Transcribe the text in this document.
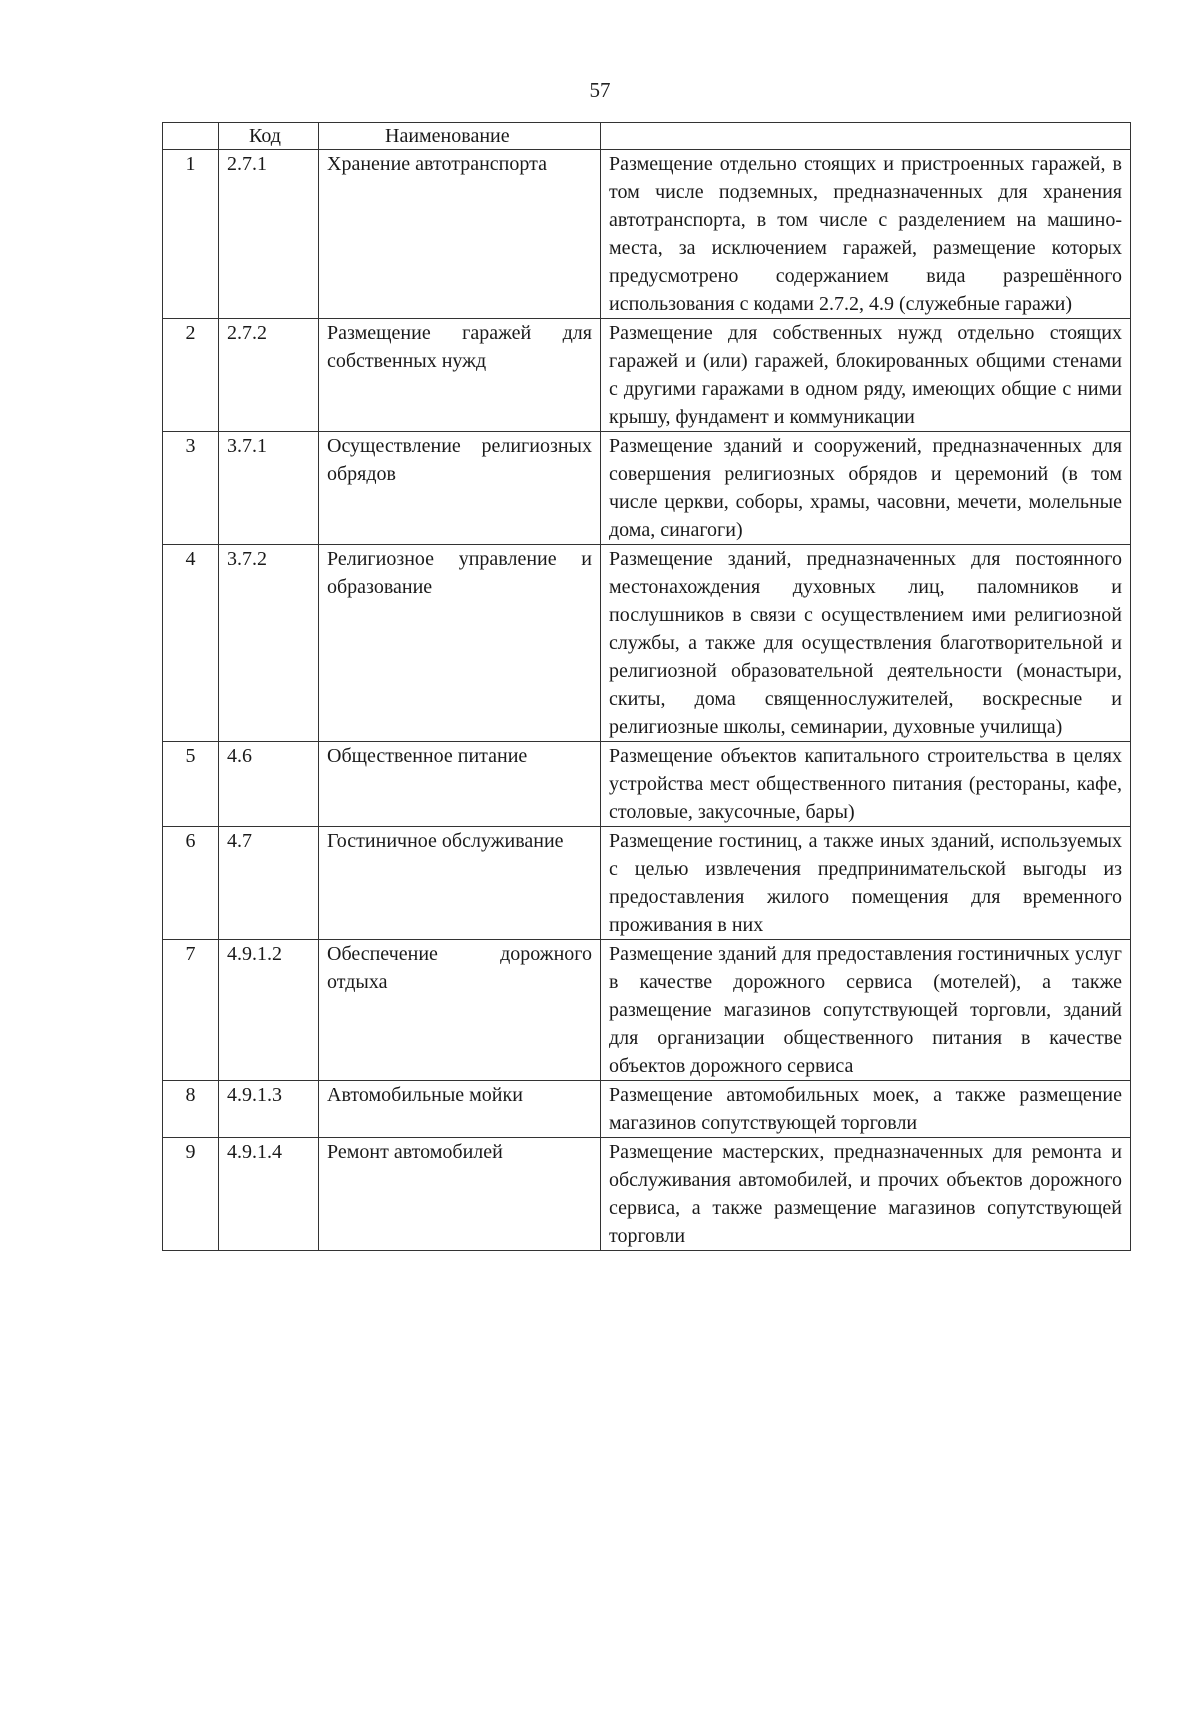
57
	Код	Наименование	
1	2.7.1	Хранение автотранспорта	Размещение отдельно стоящих и пристроенных гаражей, в том числе подземных, предназначенных для хранения автотранспорта, в том числе с разделением на машино-места, за исключением гаражей, размещение которых предусмотрено содержанием вида разрешённого использования с кодами 2.7.2, 4.9 (служебные гаражи)
2	2.7.2	Размещение гаражей для собственных нужд	Размещение для собственных нужд отдельно стоящих гаражей и (или) гаражей, блокированных общими стенами с другими гаражами в одном ряду, имеющих общие с ними крышу, фундамент и коммуникации
3	3.7.1	Осуществление религиозных обрядов	Размещение зданий и сооружений, предназначенных для совершения религиозных обрядов и церемоний (в том числе церкви, соборы, храмы, часовни, мечети, молельные дома, синагоги)
4	3.7.2	Религиозное управление и образование	Размещение зданий, предназначенных для постоянного местонахождения духовных лиц, паломников и послушников в связи с осуществлением ими религиозной службы, а также для осуществления благотворительной и религиозной образовательной деятельности (монастыри, скиты, дома священнослужителей, воскресные и религиозные школы, семинарии, духовные училища)
5	4.6	Общественное питание	Размещение объектов капитального строительства в целях устройства мест общественного питания (рестораны, кафе, столовые, закусочные, бары)
6	4.7	Гостиничное обслуживание	Размещение гостиниц, а также иных зданий, используемых с целью извлечения предпринимательской выгоды из предоставления жилого помещения для временного проживания в них
7	4.9.1.2	Обеспечение дорожного отдыха	Размещение зданий для предоставления гостиничных услуг в качестве дорожного сервиса (мотелей), а также размещение магазинов сопутствующей торговли, зданий для организации общественного питания в качестве объектов дорожного сервиса
8	4.9.1.3	Автомобильные мойки	Размещение автомобильных моек, а также размещение магазинов сопутствующей торговли
9	4.9.1.4	Ремонт автомобилей	Размещение мастерских, предназначенных для ремонта и обслуживания автомобилей, и прочих объектов дорожного сервиса, а также размещение магазинов сопутствующей торговли
